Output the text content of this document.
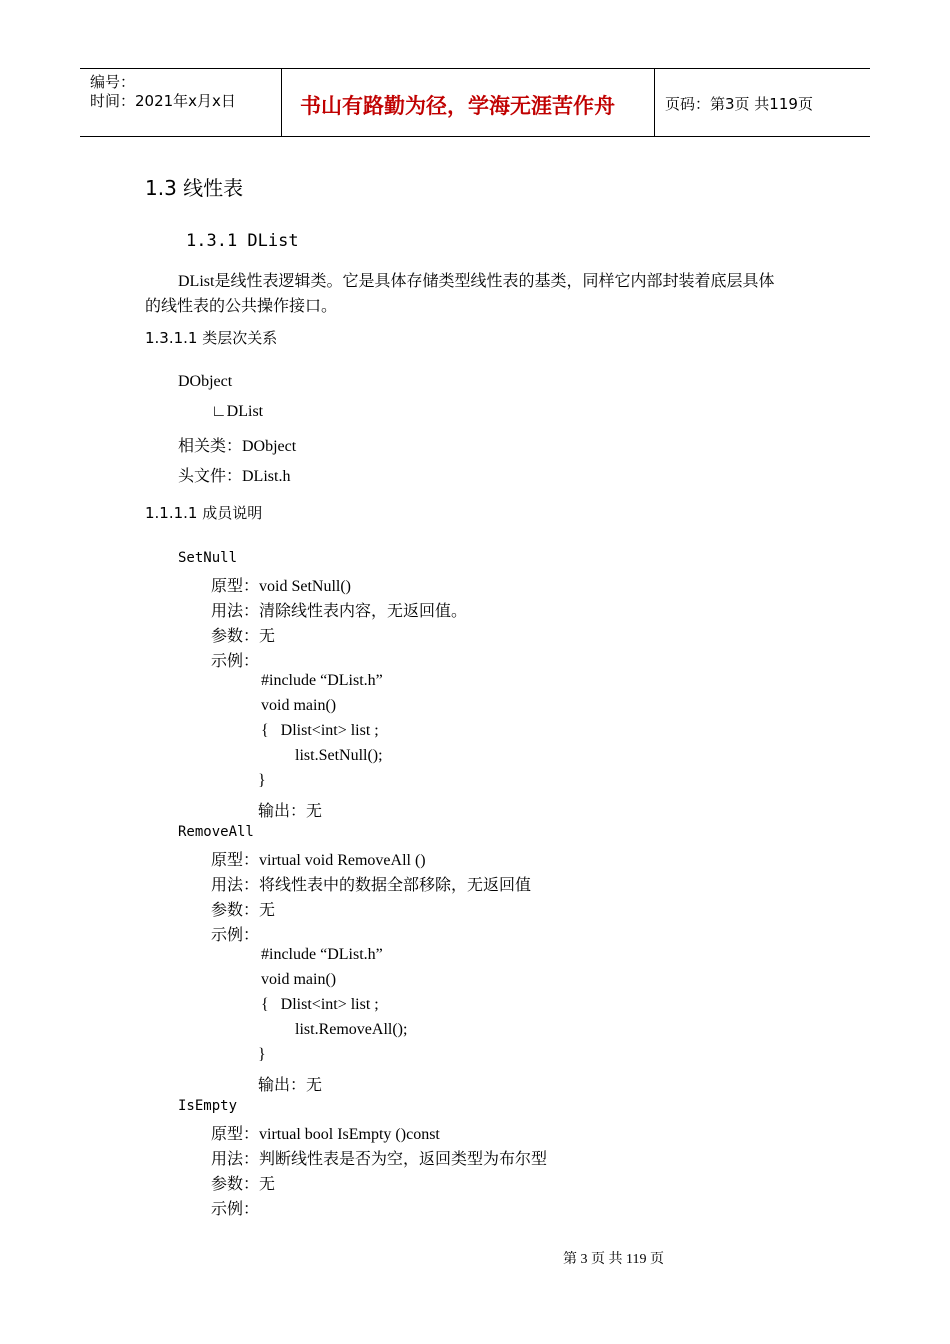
编号：
时间：2021年x月x日	书山有路勤为径，学海无涯苦作舟	页码：第3页 共119页
1.3 线性表
1.3.1 DList
DList是线性表逻辑类。它是具体存储类型线性表的基类，同样它内部封装着底层具体
的线性表的公共操作接口。
1.3.1.1 类层次关系
DObject
∟DList
相关类：DObject
头文件：DList.h
1.1.1.1 成员说明
SetNull
原型：void SetNull()
用法：清除线性表内容，无返回值。
参数：无
示例：
#include “DList.h”
void main()
{   Dlist<int> list ;
list.SetNull();
}
输出：无
RemoveAll
原型：virtual void RemoveAll ()
用法：将线性表中的数据全部移除，无返回值
参数：无
示例：
#include “DList.h”
void main()
{   Dlist<int> list ;
list.RemoveAll();
}
输出：无
IsEmpty
原型：virtual bool IsEmpty ()const
用法：判断线性表是否为空，返回类型为布尔型
参数：无
示例：
第 3 页 共 119 页
